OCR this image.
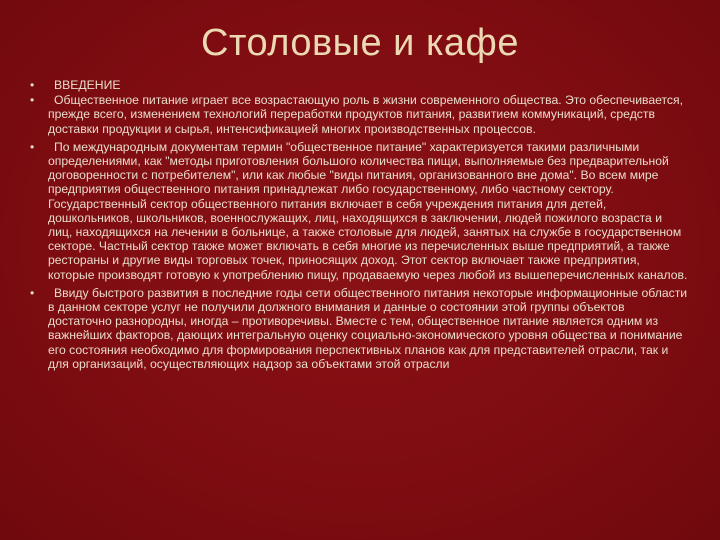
Столовые и кафе
•	ВВЕДЕНИЕ
•	Общественное питание играет все возрастающую роль в жизни современного общества. Это обеспечивается, прежде всего, изменением технологий переработки продуктов питания, развитием коммуникаций, средств доставки продукции и сырья, интенсификацией многих производственных процессов.
•	По международным документам термин "общественное питание" характеризуется такими различными определениями, как "методы приготовления большого количества пищи, выполняемые без предварительной договоренности с потребителем", или как любые "виды питания, организованного вне дома". Во всем мире предприятия общественного питания принадлежат либо государственному, либо частному сектору. Государственный сектор общественного питания включает в себя учреждения питания для детей, дошкольников, школьников, военнослужащих, лиц, находящихся в заключении, людей пожилого возраста и лиц, находящихся на лечении в больнице, а также столовые для людей, занятых на службе в государственном секторе. Частный сектор также может включать в себя многие из перечисленных выше предприятий, а также рестораны и другие виды торговых точек, приносящих доход. Этот сектор включает также предприятия, которые производят готовую к употреблению пищу, продаваемую через любой из вышеперечисленных каналов.
•	Ввиду быстрого развития в последние годы сети общественного питания некоторые информационные области в данном секторе услуг не получили должного внимания и данные о состоянии этой группы объектов достаточно разнородны, иногда – противоречивы. Вместе с тем, общественное питание является одним из важнейших факторов, дающих интегральную оценку социально-экономического уровня общества и понимание его состояния необходимо для формирования перспективных планов как для представителей отрасли, так и для организаций, осуществляющих надзор за объектами этой отрасли
